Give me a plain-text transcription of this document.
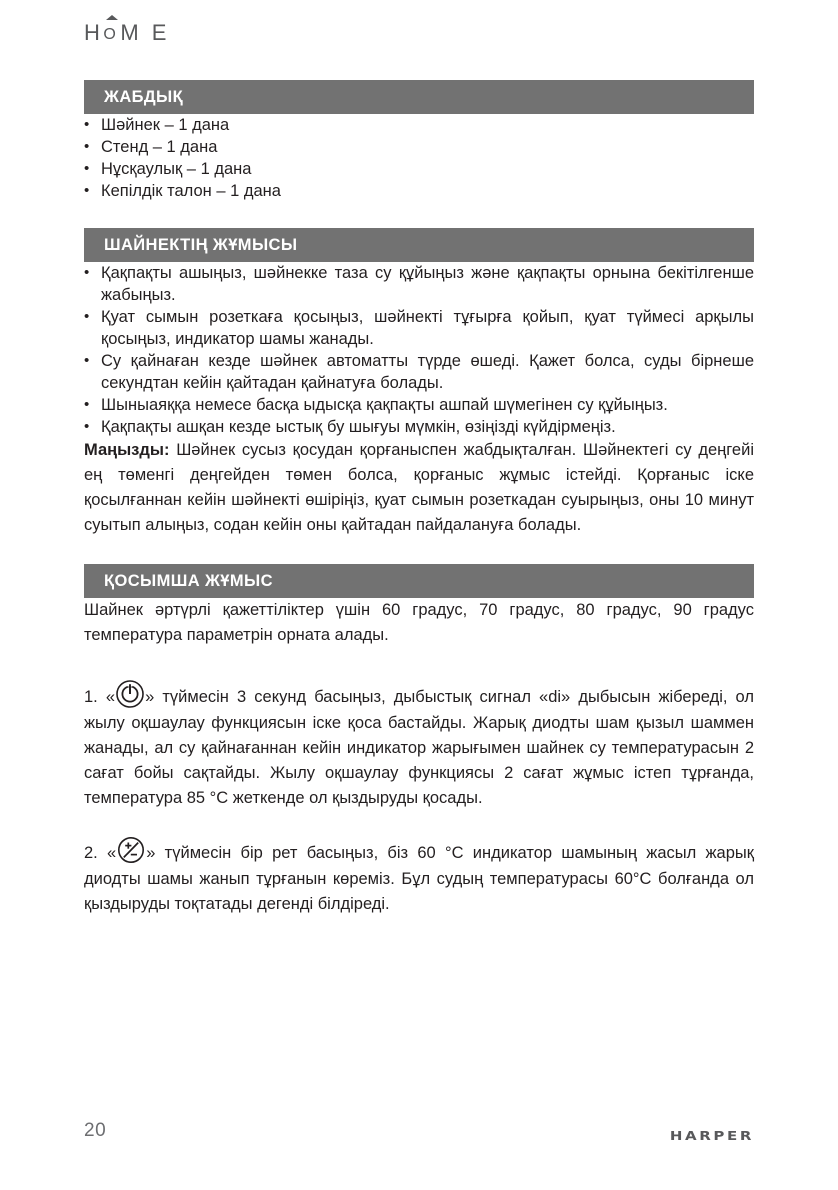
H O M E
ЖАБДЫҚ
• Шәйнек – 1 дана
• Стенд – 1 дана
• Нұсқаулық – 1 дана
• Кепілдік талон – 1 дана
ШАЙНЕКТІҢ ЖҰМЫСЫ
• Қақпақты ашыңыз, шәйнекке таза су құйыңыз және қақпақты орнына бекітілгенше жабыңыз.
• Қуат сымын розеткаға қосыңыз, шәйнекті тұғырға қойып, қуат түймесі арқылы қосыңыз, индикатор шамы жанады.
• Су қайнаған кезде шәйнек автоматты түрде өшеді. Қажет болса, суды бірнеше секундтан кейін қайтадан қайнатуға болады.
• Шыныаяққа немесе басқа ыдысқа қақпақты ашпай шүмегінен су құйыңыз.
• Қақпақты ашқан кезде ыстық бу шығуы мүмкін, өзіңізді күйдірмеңіз.

Маңызды: Шәйнек сусыз қосудан қорғаныспен жабдықталған. Шәйнектегі су деңгейі ең төменгі деңгейден төмен болса, қорғаныс жұмыс істейді. Қорғаныс іске қосылғаннан кейін шәйнекті өшіріңіз, қуат сымын розеткадан суырыңыз, оны 10 минут суытып алыңыз, содан кейін оны қайтадан пайдалануға болады.

ҚОСЫМША ЖҰМЫС

Шайнек әртүрлі қажеттіліктер үшін 60 градус, 70 градус, 80 градус, 90 градус температура параметрін орната алады.

1. « » түймесін 3 секунд басыңыз, дыбыстық сигнал «di» дыбысын жібереді, ол жылу оқшаулау функциясын іске қоса бастайды. Жарық диодты шам қызыл шаммен жанады, ал су қайнағаннан кейін индикатор жарығымен шайнек су температурасын 2 сағат бойы сақтайды. Жылу оқшаулау функциясы 2 сағат жұмыс істеп тұрғанда, температура 85 °C жеткенде ол қыздыруды қосады.

2. « » түймесін бір рет басыңыз, біз 60 °C индикатор шамының жасыл жарық диодты шамы жанып тұрғанын көреміз. Бұл судың температурасы 60°C болғанда ол қыздыруды тоқтатады дегенді білдіреді.

20	HARPER
